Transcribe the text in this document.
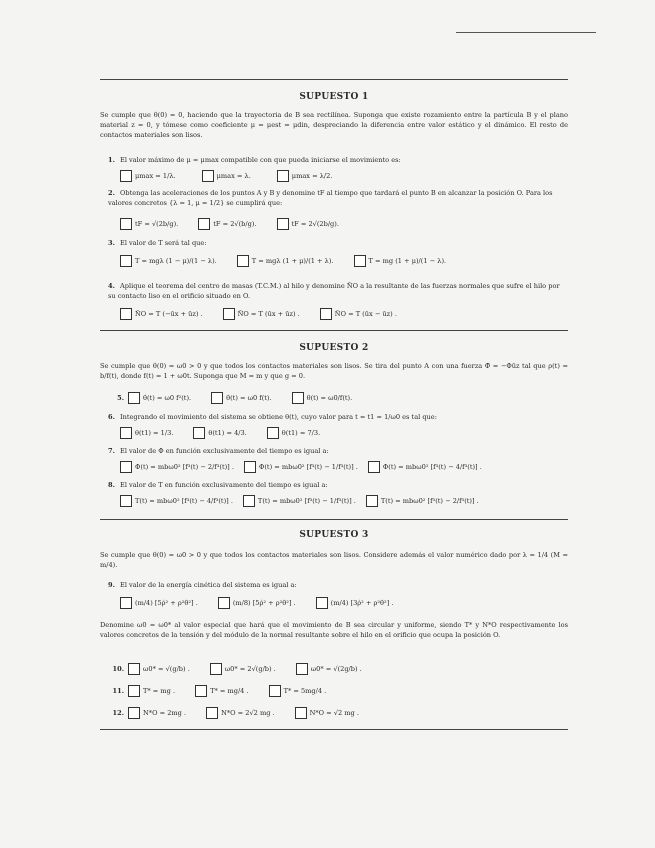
SUPUESTO 1
Se cumple que θ̇(0) = 0, haciendo que la trayectoria de B sea rectilínea. Suponga que existe rozamiento entre la partícula B y el plano material z = 0, y tómese como coeficiente μ = μest = μdin, despreciando la diferencia entre valor estático y el dinámico. El resto de contactos materiales son lisos.
1. El valor máximo de μ = μmax compatible con que pueda iniciarse el movimiento es:
μmax = 1/λ.	μmax = λ.	μmax = λ/2.
2. Obtenga las aceleraciones de los puntos A y B y denomine tF al tiempo que tardará el punto B en alcanzar la posición O. Para los valores concretos {λ = 1, μ = 1/2} se cumplirá que:
tF = √(2b/g).	tF = 2√(b/g).	tF = 2√(2b/g).
3. El valor de T será tal que:
T = mgλ (1 − μ)/(1 − λ).	T = mgλ (1 + μ)/(1 + λ).	T = mg (1 + μ)/(1 − λ).
4. Aplique el teorema del centro de masas (T.C.M.) al hilo y denomine N̄O a la resultante de las fuerzas normales que sufre el hilo por su contacto liso en el orificio situado en O.
N̄O = T (−ūx + ūz) .	N̄O = T (ūx + ūz) .	N̄O = T (ūx − ūz) .
SUPUESTO 2
Se cumple que θ̇(0) = ω0 > 0 y que todos los contactos materiales son lisos. Se tira del punto A con una fuerza Φ̄ = −Φūz tal que ρ(t) = b/f(t), donde f(t) = 1 + ω0t. Suponga que M = m y que g = 0.
5.	θ̇(t) = ω0 f²(t).	θ̇(t) = ω0 f(t).	θ̇(t) = ω0/f(t).
6. Integrando el movimiento del sistema se obtiene θ(t), cuyo valor para t = t1 = 1/ω0 es tal que:
θ(t1) = 1/3.	θ(t1) = 4/3.	θ(t1) = 7/3.
7. El valor de Φ en función exclusivamente del tiempo es igual a:
Φ(t) = mbω0² [f³(t) − 2/f³(t)] .	Φ(t) = mbω0² [f³(t) − 1/f³(t)] .	Φ(t) = mbω0² [f³(t) − 4/f³(t)] .
8. El valor de T en función exclusivamente del tiempo es igual a:
T(t) = mbω0² [f³(t) − 4/f³(t)] .	T(t) = mbω0² [f³(t) − 1/f³(t)] .	T(t) = mbω0² [f³(t) − 2/f³(t)] .
SUPUESTO 3
Se cumple que θ̇(0) = ω0 > 0 y que todos los contactos materiales son lisos. Considere además el valor numérico dado por λ = 1/4 (M = m/4).
9. El valor de la energía cinética del sistema es igual a:
(m/4) [5ρ̇² + ρ²θ̇²] .	(m/8) [5ρ̇² + ρ²θ̇²] .	(m/4) [3ρ̇² + ρ²θ̇²] .
Denomine ω0 = ω0* al valor especial que hará que el movimiento de B sea circular y uniforme, siendo T* y N*O respectivamente los valores concretos de la tensión y del módulo de la normal resultante sobre el hilo en el orificio que ocupa la posición O.
10.	ω0* = √(g/b) .	ω0* = 2√(g/b) .	ω0* = √(2g/b) .
11.	T* = mg .	T* = mg/4 .	T* = 5mg/4 .
12.	N*O = 2mg .	N*O = 2√2 mg .	N*O = √2 mg .
